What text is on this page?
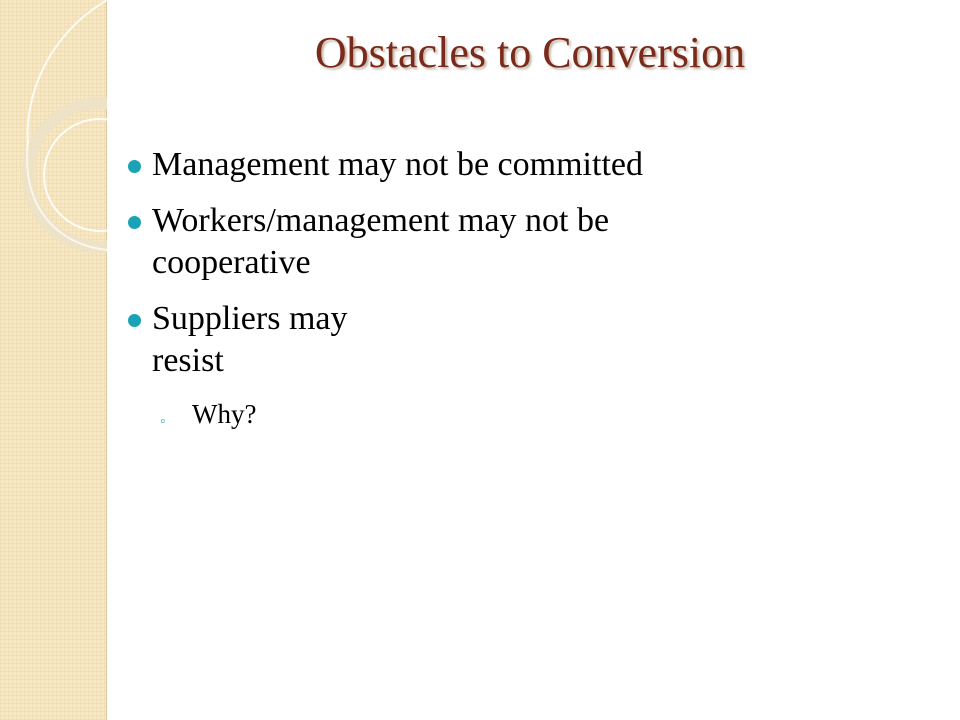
Obstacles to Conversion
Management may not be committed
Workers/management may not be
cooperative
Suppliers may
resist
◦ Why?
